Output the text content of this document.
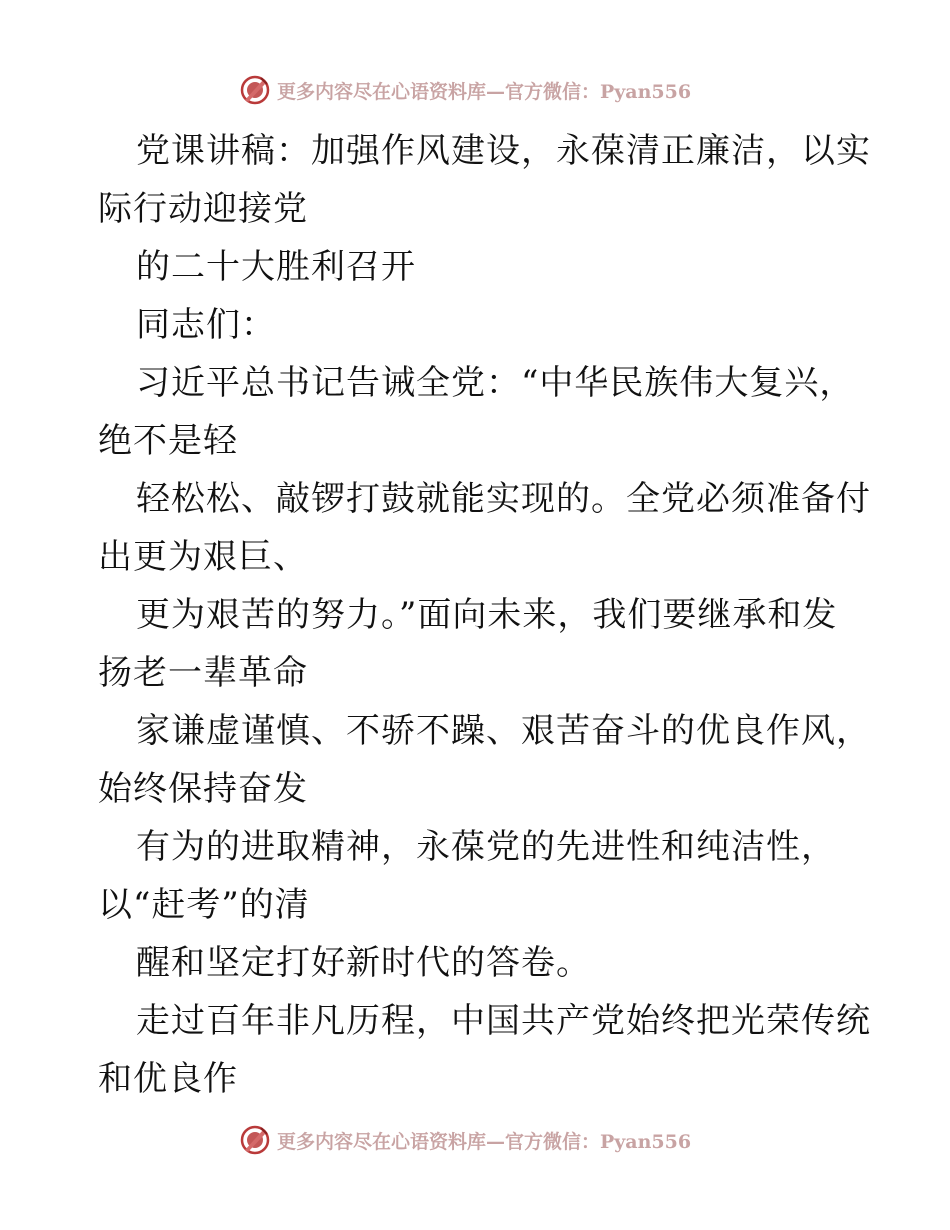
更多内容尽在心语资料库—官方微信：Pyan556
党课讲稿：加强作风建设，永葆清正廉洁，以实
际行动迎接党
的二十大胜利召开
同志们：
习近平总书记告诫全党：“中华民族伟大复兴，
绝不是轻
轻松松、敲锣打鼓就能实现的。全党必须准备付
出更为艰巨、
更为艰苦的努力。”面向未来，我们要继承和发
扬老一辈革命
家谦虚谨慎、不骄不躁、艰苦奋斗的优良作风，
始终保持奋发
有为的进取精神，永葆党的先进性和纯洁性，
以“赶考”的清
醒和坚定打好新时代的答卷。
走过百年非凡历程，中国共产党始终把光荣传统
和优良作
更多内容尽在心语资料库—官方微信：Pyan556
